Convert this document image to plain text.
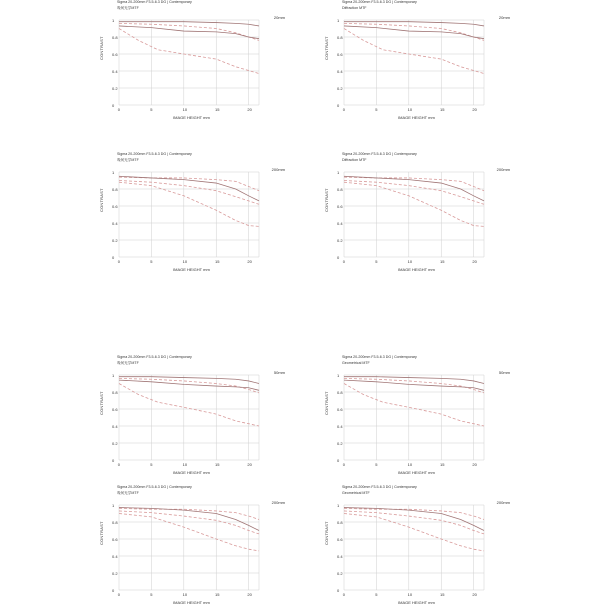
Sigma 20-200mm F3.5-6.3 DG | Contemporary
幾何光学MTF
20mm
CONTRAST
IMAGE HEIGHT mm
1
0.8
0.6
0.4
0.2
0
0	5	10	15	20
Sigma 20-200mm F3.5-6.3 DG | Contemporary
Diffraction MTF
20mm
CONTRAST
IMAGE HEIGHT mm
1
0.8
0.6
0.4
0.2
0
0	5	10	15	20
Sigma 20-200mm F3.5-6.3 DG | Contemporary
幾何光学MTF
200mm
CONTRAST
IMAGE HEIGHT mm
1
0.8
0.6
0.4
0.2
0
0	5	10	15	20
Sigma 20-200mm F3.5-6.3 DG | Contemporary
Diffraction MTF
200mm
CONTRAST
IMAGE HEIGHT mm
1
0.8
0.6
0.4
0.2
0
0	5	10	15	20
Sigma 20-200mm F3.5-6.3 DG | Contemporary
幾何光学MTF
50mm
CONTRAST
IMAGE HEIGHT mm
1
0.8
0.6
0.4
0.2
0
0	5	10	15	20
Sigma 20-200mm F3.5-6.3 DG | Contemporary
Geometrical MTF
50mm
CONTRAST
IMAGE HEIGHT mm
1
0.8
0.6
0.4
0.2
0
0	5	10	15	20
Sigma 20-200mm F3.5-6.3 DG | Contemporary
幾何光学MTF
200mm
CONTRAST
IMAGE HEIGHT mm
1
0.8
0.6
0.4
0.2
0
0	5	10	15	20
Sigma 20-200mm F3.5-6.3 DG | Contemporary
Geometrical MTF
200mm
CONTRAST
IMAGE HEIGHT mm
1
0.8
0.6
0.4
0.2
0
0	5	10	15	20
